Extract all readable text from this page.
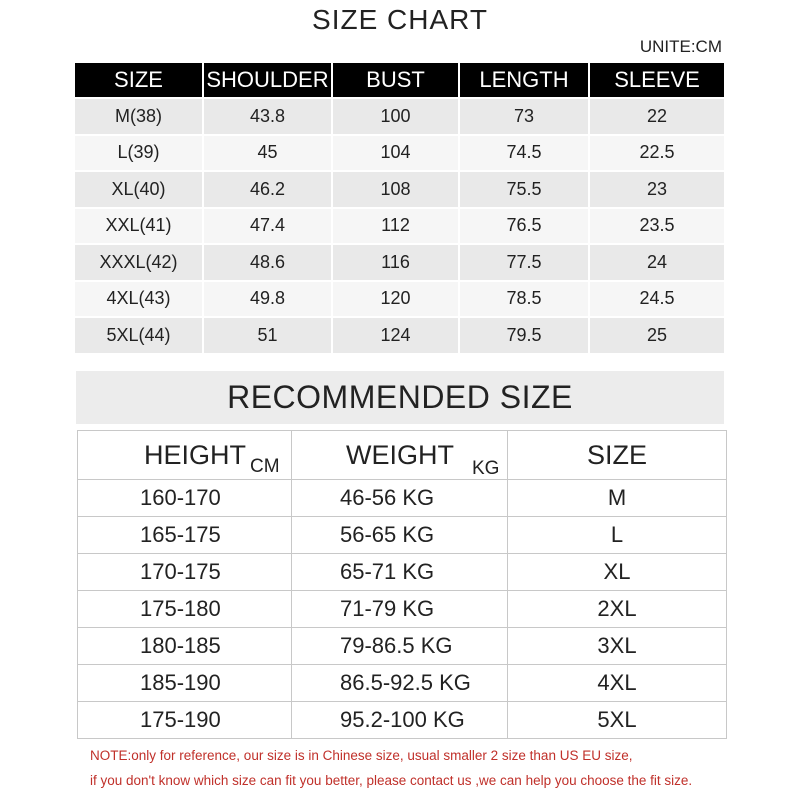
SIZE CHART
UNITE:CM
SIZE	SHOULDER	BUST	LENGTH	SLEEVE
M(38)	43.8	100	73	22
L(39)	45	104	74.5	22.5
XL(40)	46.2	108	75.5	23
XXL(41)	47.4	112	76.5	23.5
XXXL(42)	48.6	116	77.5	24
4XL(43)	49.8	120	78.5	24.5
5XL(44)	51	124	79.5	25
RECOMMENDED SIZE
HEIGHT CM	WEIGHT KG	SIZE
160-170	46-56 KG	M
165-175	56-65 KG	L
170-175	65-71 KG	XL
175-180	71-79 KG	2XL
180-185	79-86.5 KG	3XL
185-190	86.5-92.5 KG	4XL
175-190	95.2-100 KG	5XL
NOTE:only for reference, our size is in Chinese size, usual smaller 2 size than US EU size,
if you don't know which size can fit you better, please contact us ,we can help you choose the fit size.
